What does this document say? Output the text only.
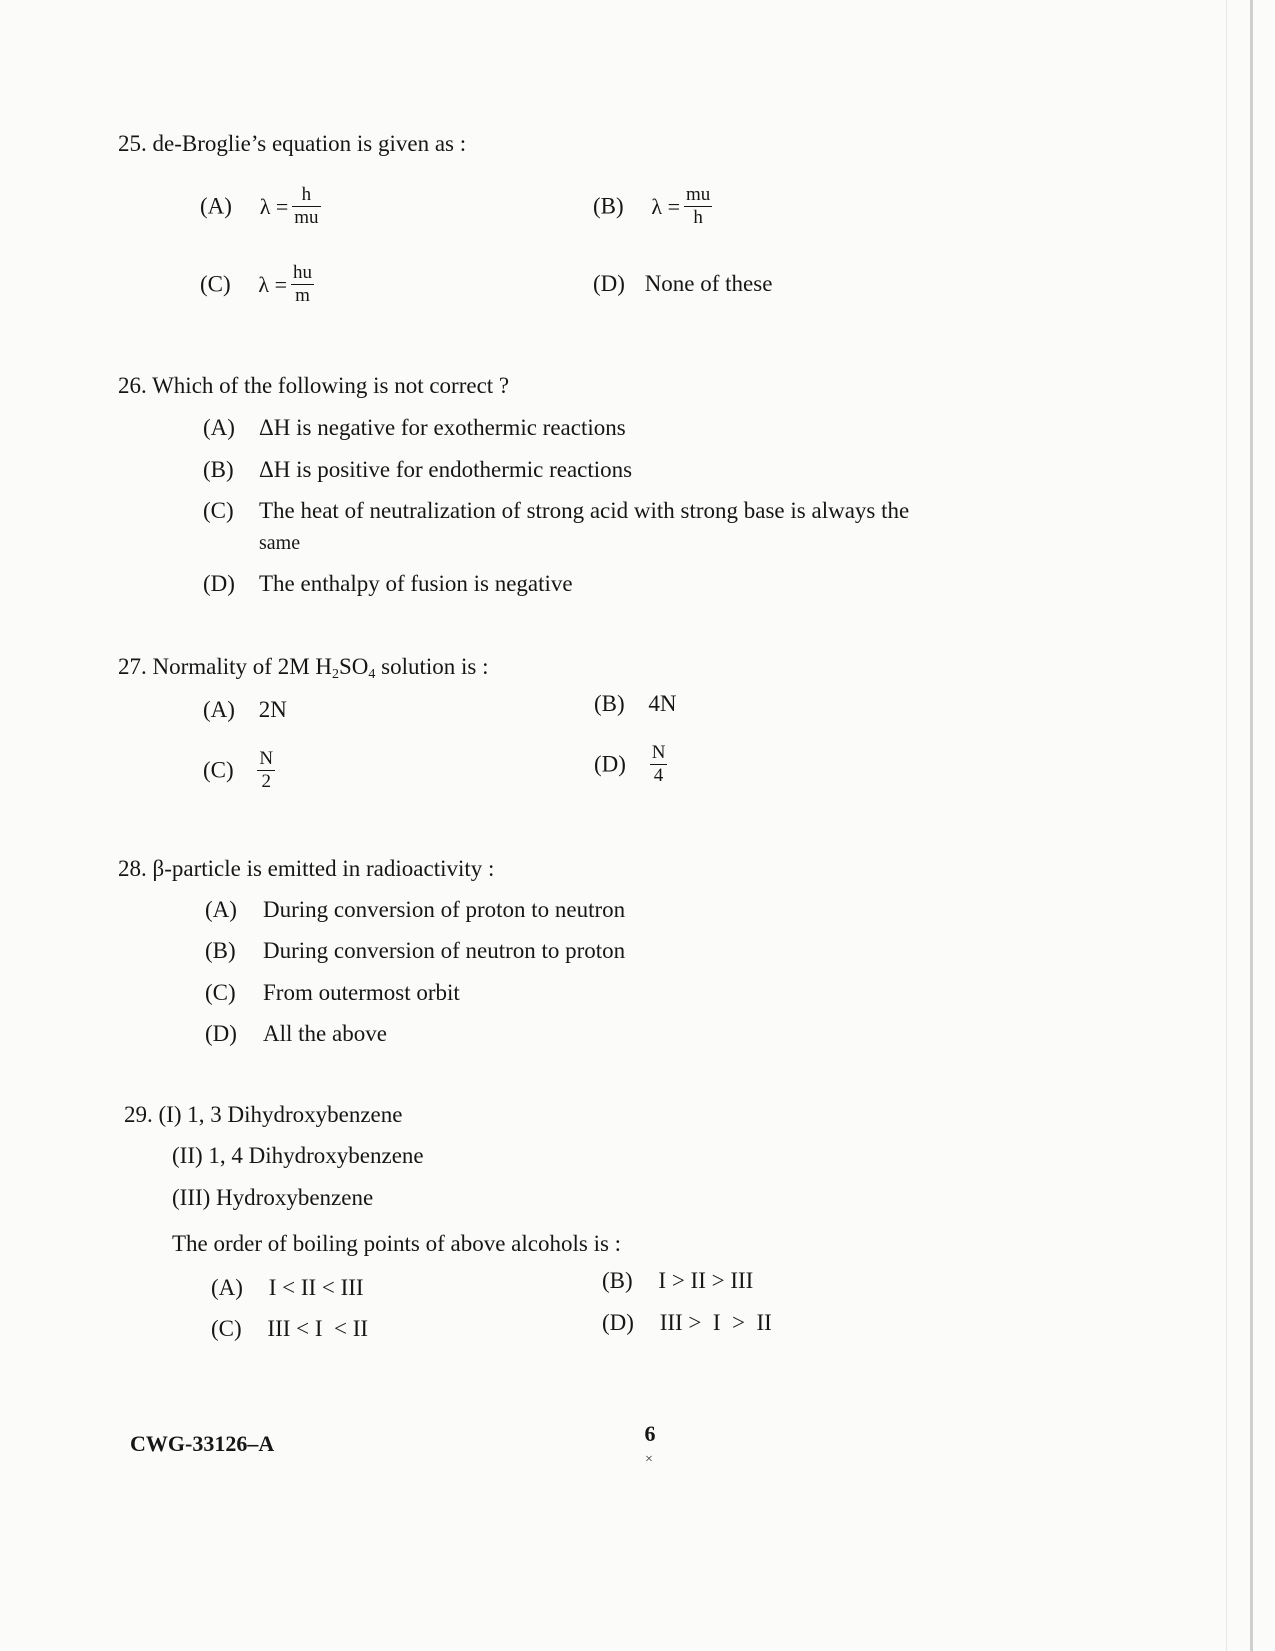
25. de-Broglie’s equation is given as :
(A) $\lambda = \frac{h}{mu}$	(B) $\lambda = \frac{mu}{h}$
(C) $\lambda = \frac{hu}{m}$	(D) None of these
26. Which of the following is not correct ?
(A) ΔH is negative for exothermic reactions
(B) ΔH is positive for endothermic reactions
(C) The heat of neutralization of strong acid with strong base is always the
same
(D) The enthalpy of fusion is negative
27. Normality of 2M $H_2SO_4$ solution is :
(A) 2N	(B) 4N
$(C) \frac{N}{2}$	$(D) \frac{N}{4}$
28. β-particle is emitted in radioactivity :
(A) During conversion of proton to neutron
(B) During conversion of neutron to proton
(C) From outermost orbit
(D) All the above
29. (I) 1, 3 Dihydroxybenzene
(II) 1, 4 Dihydroxybenzene
(III) Hydroxybenzene
The order of boiling points of above alcohols is :
(A) I < II < III	(B) I > II > III
(C) III < I  < II	(D) III >  I  >  II
CWG-33126–A	6
×
